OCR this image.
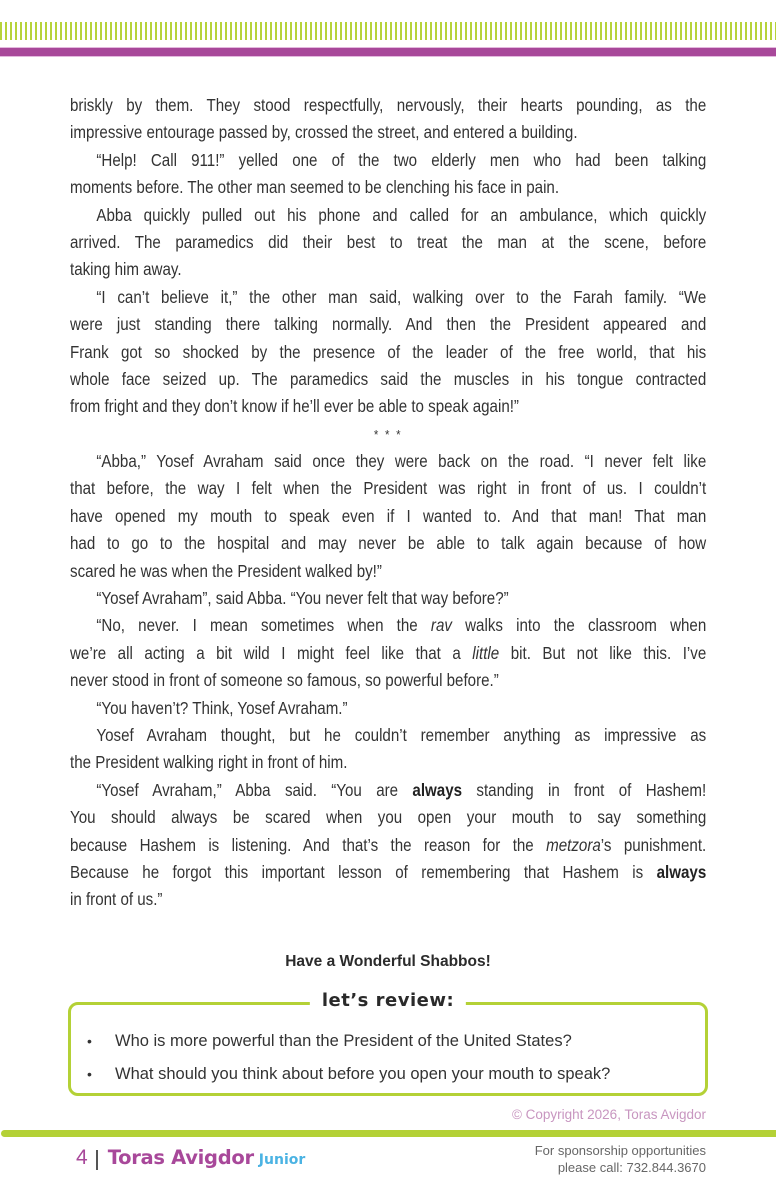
briskly by them. They stood respectfully, nervously, their hearts pounding, as the
impressive entourage passed by, crossed the street, and entered a building.
“Help! Call 911!” yelled one of the two elderly men who had been talking
moments before. The other man seemed to be clenching his face in pain.
Abba quickly pulled out his phone and called for an ambulance, which quickly
arrived. The paramedics did their best to treat the man at the scene, before
taking him away.
“I can’t believe it,” the other man said, walking over to the Farah family. “We
were just standing there talking normally. And then the President appeared and
Frank got so shocked by the presence of the leader of the free world, that his
whole face seized up. The paramedics said the muscles in his tongue contracted
from fright and they don’t know if he’ll ever be able to speak again!”
* * *
“Abba,” Yosef Avraham said once they were back on the road. “I never felt like
that before, the way I felt when the President was right in front of us. I couldn’t
have opened my mouth to speak even if I wanted to. And that man! That man
had to go to the hospital and may never be able to talk again because of how
scared he was when the President walked by!”
“Yosef Avraham”, said Abba. “You never felt that way before?”
“No, never. I mean sometimes when the rav walks into the classroom when
we’re all acting a bit wild I might feel like that a little bit. But not like this. I’ve
never stood in front of someone so famous, so powerful before.”
“You haven’t? Think, Yosef Avraham.”
Yosef Avraham thought, but he couldn’t remember anything as impressive as
the President walking right in front of him.
“Yosef Avraham,” Abba said. “You are always standing in front of Hashem!
You should always be scared when you open your mouth to say something
because Hashem is listening. And that’s the reason for the metzora’s punishment.
Because he forgot this important lesson of remembering that Hashem is always
in front of us.”
Have a Wonderful Shabbos!
let’s review:
• Who is more powerful than the President of the United States?
• What should you think about before you open your mouth to speak?
© Copyright 2026, Toras Avigdor
4 Toras Avigdor Junior
For sponsorship opportunities
please call: 732.844.3670
